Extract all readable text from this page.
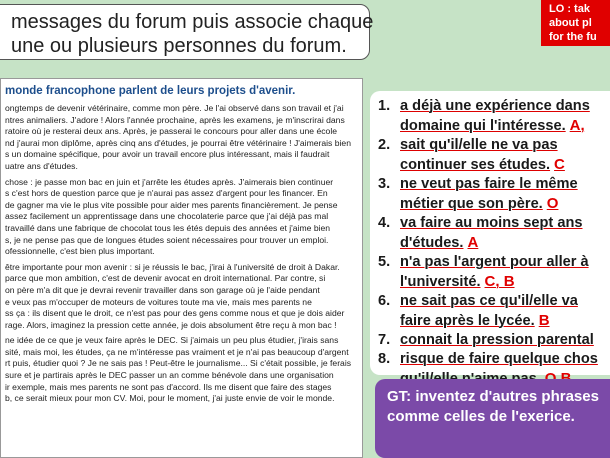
messages du forum puis associe chaque
une ou plusieurs personnes du forum.
LO : tak
about pl
for the fu
monde francophone parlent de leurs projets d'avenir.

ongtemps de devenir vétérinaire, comme mon père. Je l'ai observé dans son travail et j'ai
ntres animaliers. J'adore ! Alors l'année prochaine, après les examens, je m'inscrirai dans
ratoire où je resterai deux ans. Après, je passerai le concours pour aller dans une école
nd j'aurai mon diplôme, après cinq ans d'études, je pourrai être vétérinaire ! J'aimerais bien
s un domaine spécifique, pour avoir un travail encore plus intéressant, mais il faudrait
uatre ans d'études.

chose : je passe mon bac en juin et j'arrête les études après. J'aimerais bien continuer
s c'est hors de question parce que je n'aurai pas assez d'argent pour les financer. En
de gagner ma vie le plus vite possible pour aider mes parents financièrement. Je pense
assez facilement un apprentissage dans une chocolaterie parce que j'ai déjà pas mal
travaillé dans une fabrique de chocolat tous les étés depuis des années et j'aime bien
s, je ne pense pas que de longues études soient nécessaires pour trouver un emploi.
ofessionnelle, c'est bien plus important.

être importante pour mon avenir : si je réussis le bac, j'irai à l'université de droit à Dakar.
parce que mon ambition, c'est de devenir avocat en droit international. Par contre, si
on père m'a dit que je devrai revenir travailler dans son garage où je l'aide pendant
e veux pas m'occuper de moteurs de voitures toute ma vie, mais mes parents ne
ss ça : ils disent que le droit, ce n'est pas pour des gens comme nous et que je dois aider
rage. Alors, imaginez la pression cette année, je dois absolument être reçu à mon bac !

ne idée de ce que je veux faire après le DEC. Si j'aimais un peu plus étudier, j'irais sans
sité, mais moi, les études, ça ne m'intéresse pas vraiment et je n'ai pas beaucoup d'argent
rt puis, étudier quoi ? Je ne sais pas ! Peut-être le journalisme... Si c'était possible, je ferais
sure et je partirais après le DEC passer un an comme bénévole dans une organisation
ir exemple, mais mes parents ne sont pas d'accord. Ils me disent que faire des stages
b, ce serait mieux pour mon CV. Moi, pour le moment, j'ai juste envie de voir le monde.

1. a déjà une expérience dans
domaine qui l'intéresse. A,
2. sait qu'il/elle ne va pas
continuer ses études. C
3. ne veut pas faire le même
métier que son père. O
4. va faire au moins sept ans
d'études. A
5. n'a pas l'argent pour aller à
l'université. C, B
6. ne sait pas ce qu'il/elle va
faire après le lycée. B
7. connait la pression parental
8. risque de faire quelque chos
GT: inventez d'autres phrases
comme celles de l'exerice.
